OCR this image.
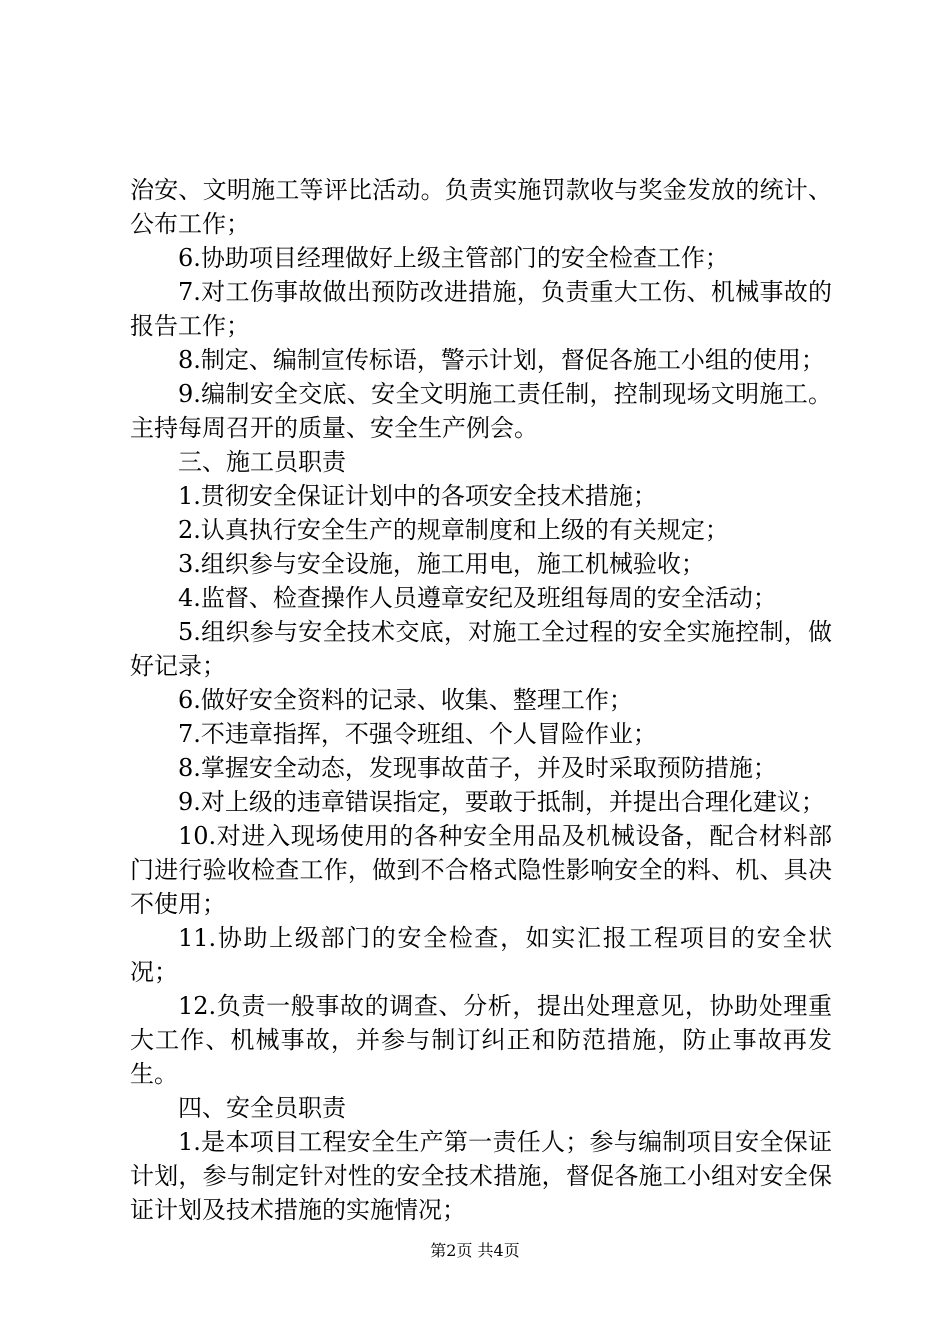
治安、文明施工等评比活动。负责实施罚款收与奖金发放的统计、公布工作；

6.协助项目经理做好上级主管部门的安全检查工作；

7.对工伤事故做出预防改进措施，负责重大工伤、机械事故的报告工作；

8.制定、编制宣传标语，警示计划，督促各施工小组的使用；

9.编制安全交底、安全文明施工责任制，控制现场文明施工。主持每周召开的质量、安全生产例会。

三、施工员职责

1.贯彻安全保证计划中的各项安全技术措施；

2.认真执行安全生产的规章制度和上级的有关规定；

3.组织参与安全设施，施工用电，施工机械验收；

4.监督、检查操作人员遵章安纪及班组每周的安全活动；

5.组织参与安全技术交底，对施工全过程的安全实施控制，做好记录；

6.做好安全资料的记录、收集、整理工作；

7.不违章指挥，不强令班组、个人冒险作业；

8.掌握安全动态，发现事故苗子，并及时采取预防措施；

9.对上级的违章错误指定，要敢于抵制，并提出合理化建议；

10.对进入现场使用的各种安全用品及机械设备，配合材料部门进行验收检查工作，做到不合格式隐性影响安全的料、机、具决不使用；

11.协助上级部门的安全检查，如实汇报工程项目的安全状况；

12.负责一般事故的调查、分析，提出处理意见，协助处理重大工作、机械事故，并参与制订纠正和防范措施，防止事故再发生。

四、安全员职责

1.是本项目工程安全生产第一责任人；参与编制项目安全保证计划，参与制定针对性的安全技术措施，督促各施工小组对安全保证计划及技术措施的实施情况；

第2页 共4页
